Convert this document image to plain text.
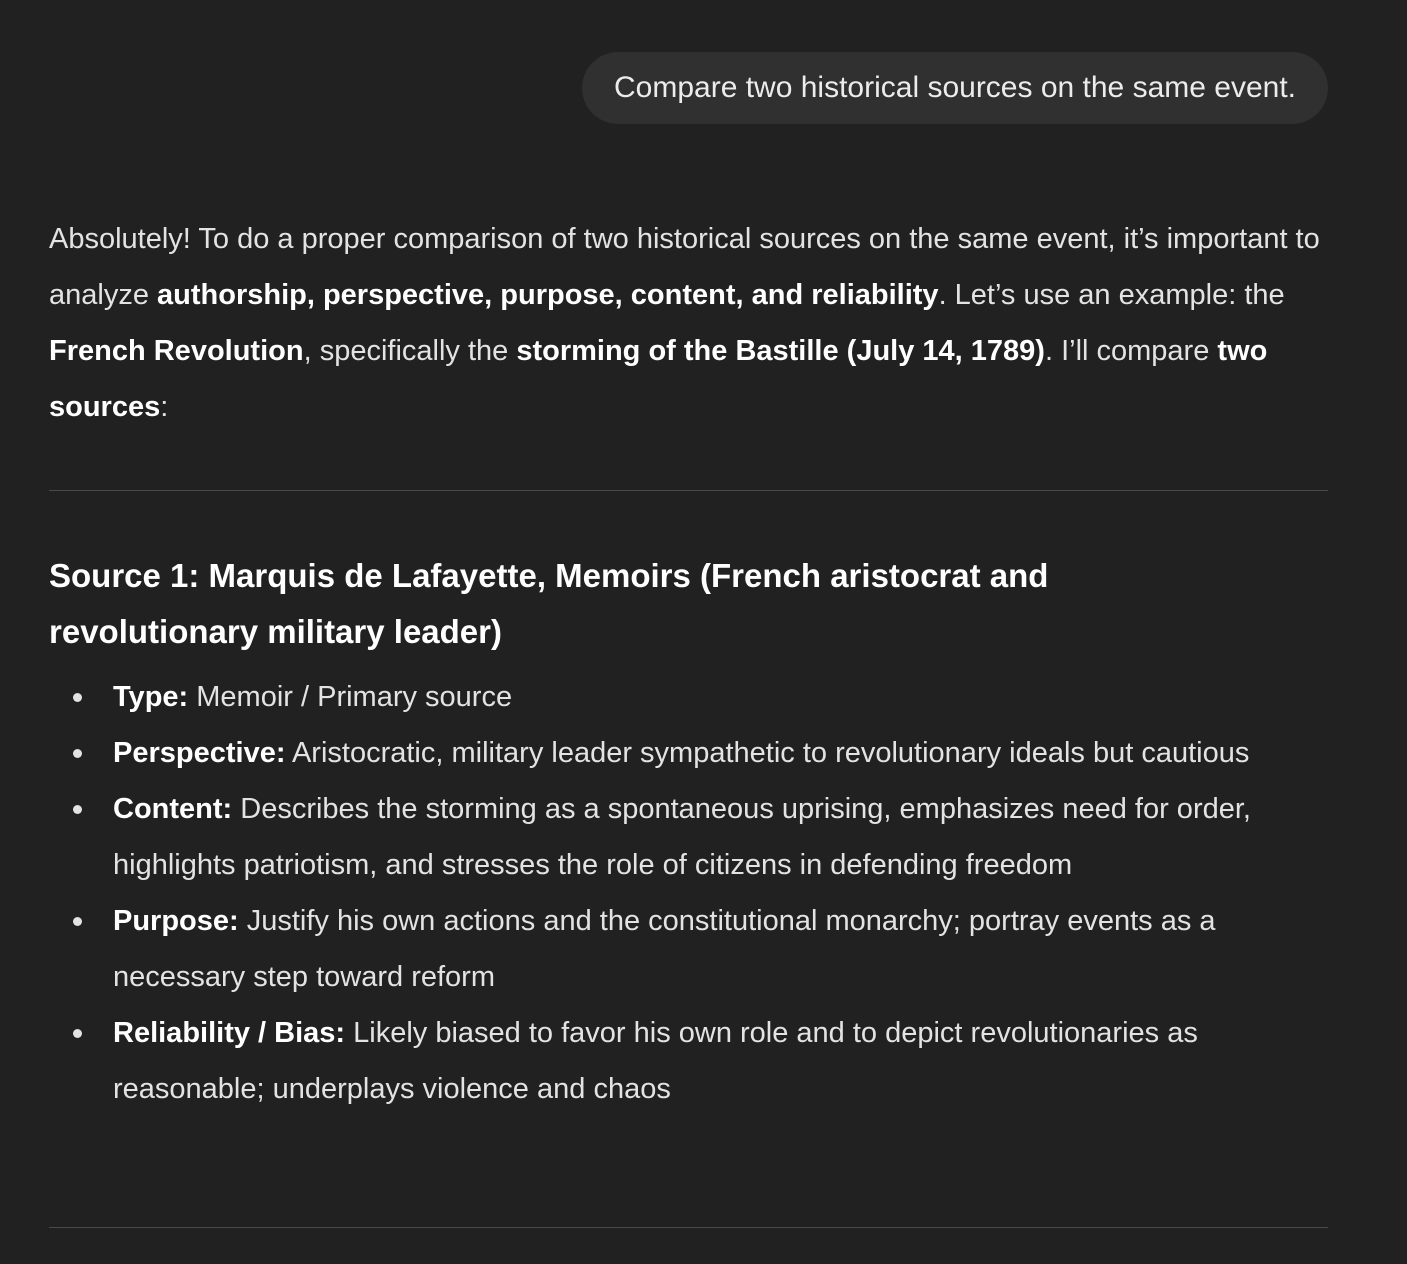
Compare two historical sources on the same event.

Absolutely! To do a proper comparison of two historical sources on the same event, it’s important to analyze authorship, perspective, purpose, content, and reliability. Let’s use an example: the French Revolution, specifically the storming of the Bastille (July 14, 1789). I’ll compare two sources:

Source 1: Marquis de Lafayette, Memoirs (French aristocrat and revolutionary military leader)
Type: Memoir / Primary source
Perspective: Aristocratic, military leader sympathetic to revolutionary ideals but cautious
Content: Describes the storming as a spontaneous uprising, emphasizes need for order, highlights patriotism, and stresses the role of citizens in defending freedom
Purpose: Justify his own actions and the constitutional monarchy; portray events as a necessary step toward reform
Reliability / Bias: Likely biased to favor his own role and to depict revolutionaries as reasonable; underplays violence and chaos
